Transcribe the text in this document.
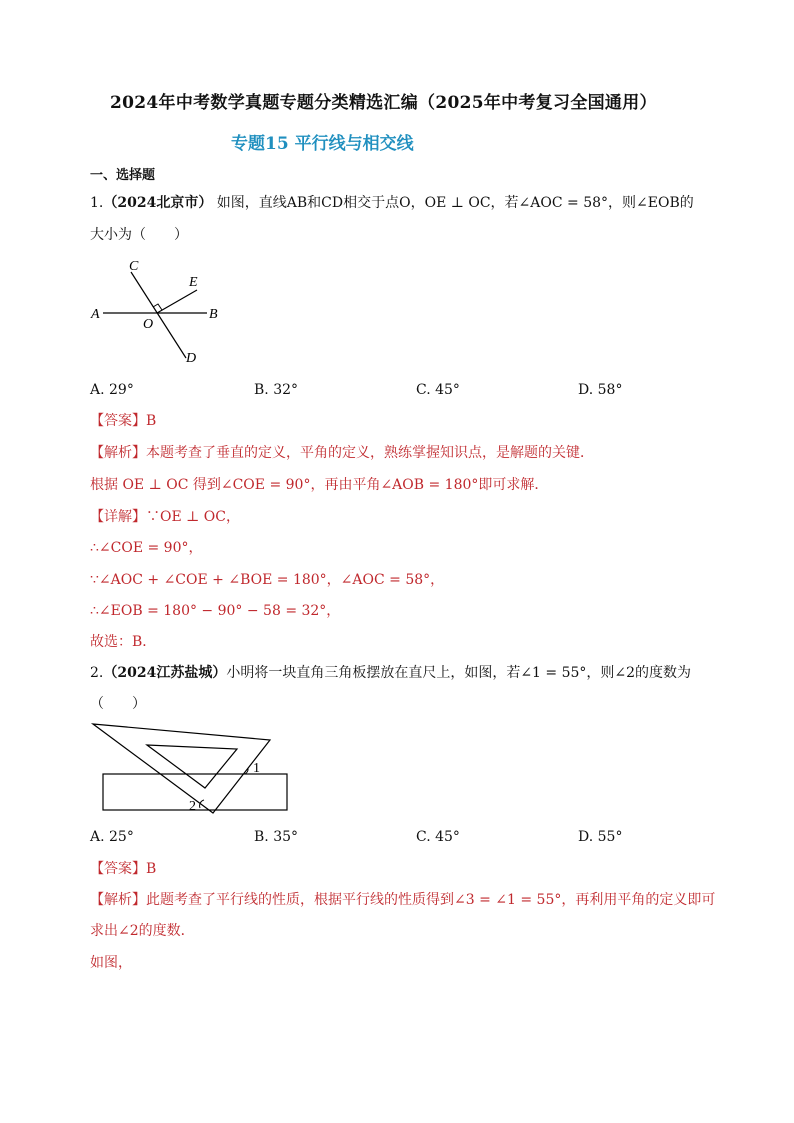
2024年中考数学真题专题分类精选汇编（2025年中考复习全国通用）
专题15 平行线与相交线
一、选择题
1.（2024北京市） 如图，直线AB和CD相交于点O，OE ⊥ OC，若∠AOC = 58°，则∠EOB的
大小为（　　）
C
E
A	B
O
D
A. 29°	B. 32°	C. 45°	D. 58°
【答案】B
【解析】本题考查了垂直的定义，平角的定义，熟练掌握知识点，是解题的关键．
根据 OE ⊥ OC 得到∠COE = 90°，再由平角∠AOB = 180°即可求解．
【详解】∵OE ⊥ OC，
∴∠COE = 90°，
∵∠AOC + ∠COE + ∠BOE = 180°，∠AOC = 58°，
∴∠EOB = 180° − 90° − 58 = 32°，
故选：B．
2.（2024江苏盐城）小明将一块直角三角板摆放在直尺上，如图，若∠1 = 55°，则∠2的度数为
（　　）
1
2
A. 25°	B. 35°	C. 45°	D. 55°
【答案】B
【解析】此题考查了平行线的性质，根据平行线的性质得到∠3 = ∠1 = 55°，再利用平角的定义即可
求出∠2的度数．
如图，
